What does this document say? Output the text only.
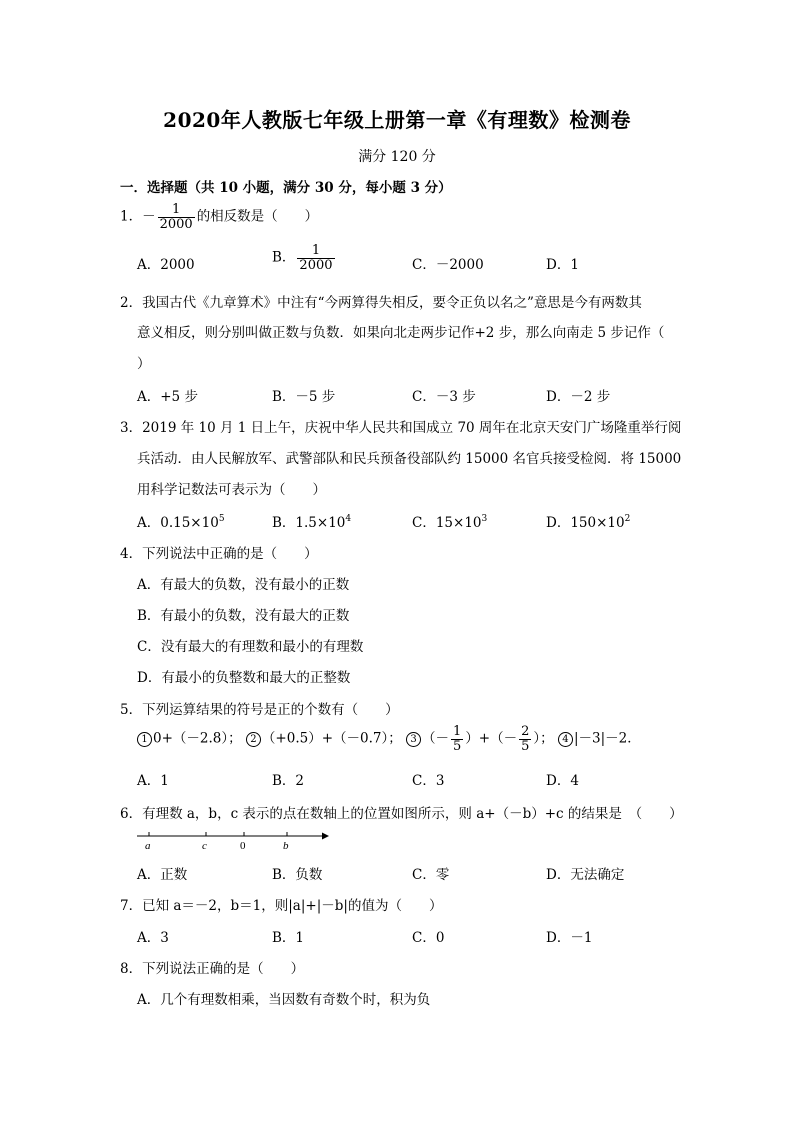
2020年人教版七年级上册第一章《有理数》检测卷
满分 120 分
一．选择题（共 10 小题，满分 30 分，每小题 3 分）
1．－ $\frac{1}{2000}$ 的相反数是（　　）
A．2000	B． $\frac{1}{2000}$	C．－2000	D．1
2．我国古代《九章算术》中注有“今两算得失相反，要令正负以名之”意思是今有两数其
意义相反，则分别叫做正数与负数．如果向北走两步记作+2 步，那么向南走 5 步记作（
）
A．+5 步	B．－5 步	C．－3 步	D．－2 步
3．2019 年 10 月 1 日上午，庆祝中华人民共和国成立 70 周年在北京天安门广场隆重举行阅
兵活动．由人民解放军、武警部队和民兵预备役部队约 15000 名官兵接受检阅．将 15000
用科学记数法可表示为（　　）
A．$0.15\times 10^5$	B．$1.5\times 10^4$	C．$15\times 10^3$	D．$150\times 10^2$
4．下列说法中正确的是（　　）
A．有最大的负数，没有最小的正数
B．有最小的负数，没有最大的正数
C．没有最大的有理数和最小的有理数
D．有最小的负整数和最大的正整数
5．下列运算结果的符号是正的个数有（　　）
1 0+（－2.8）； 2 （+0.5）+（－0.7）； 3 （－ $\frac{1}{5}$ ）+（－ $\frac{2}{5}$ ）； 4 |－3|－2．
A．1	B．2	C．3	D．4
6．有理数 a，b，c 表示的点在数轴上的位置如图所示，则 a+（－b）+c 的结果是　（　　）
a	c	0	b
A．正数	B．负数	C．零	D．无法确定
7．已知 a＝－2，b＝1，则|a|+|－b|的值为（　　）
A．3	B．1	C．0	D．－1
8．下列说法正确的是（　　）
A．几个有理数相乘，当因数有奇数个时，积为负
